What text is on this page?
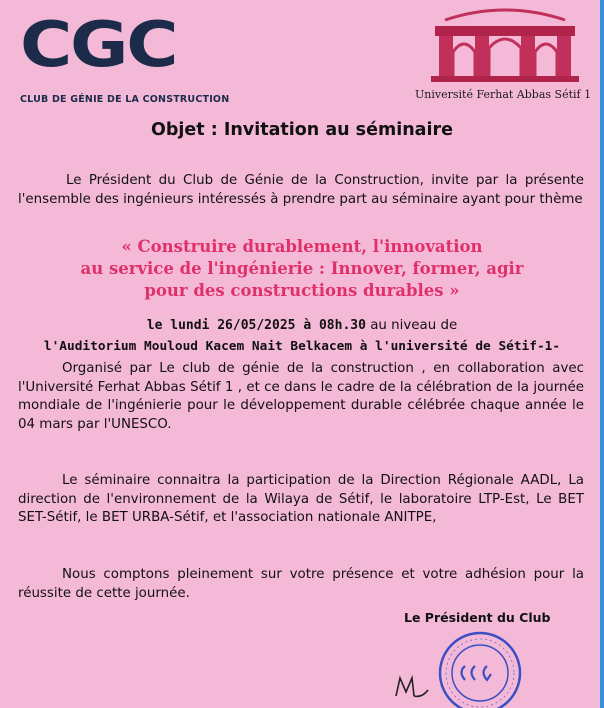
CGC
CLUB DE GÉNIE DE LA CONSTRUCTION	Université Ferhat Abbas Sétif 1
Objet : Invitation au séminaire
Le Président du Club de Génie de la Construction, invite par la présente l'ensemble des ingénieurs intéressés à prendre part au séminaire ayant pour thème
« Construire durablement, l'innovation
au service de l'ingénierie : Innover, former, agir
pour des constructions durables »
le lundi 26/05/2025 à 08h.30 au niveau de
l'Auditorium Mouloud Kacem Nait Belkacem à l'université de Sétif-1-
Organisé par Le club de génie de la construction , en collaboration avec l'Université Ferhat Abbas Sétif 1 , et ce dans le cadre de la célébration de la journée mondiale de l'ingénierie pour le développement durable célébrée chaque année le 04 mars par l'UNESCO.
Le séminaire connaitra la participation de la Direction Régionale AADL, La direction de l'environnement de la Wilaya de Sétif, le laboratoire LTP-Est, Le BET SET-Sétif, le BET URBA-Sétif, et l'association nationale ANITPE,
Nous comptons pleinement sur votre présence et votre adhésion pour la réussite de cette journée.
Le Président du Club
